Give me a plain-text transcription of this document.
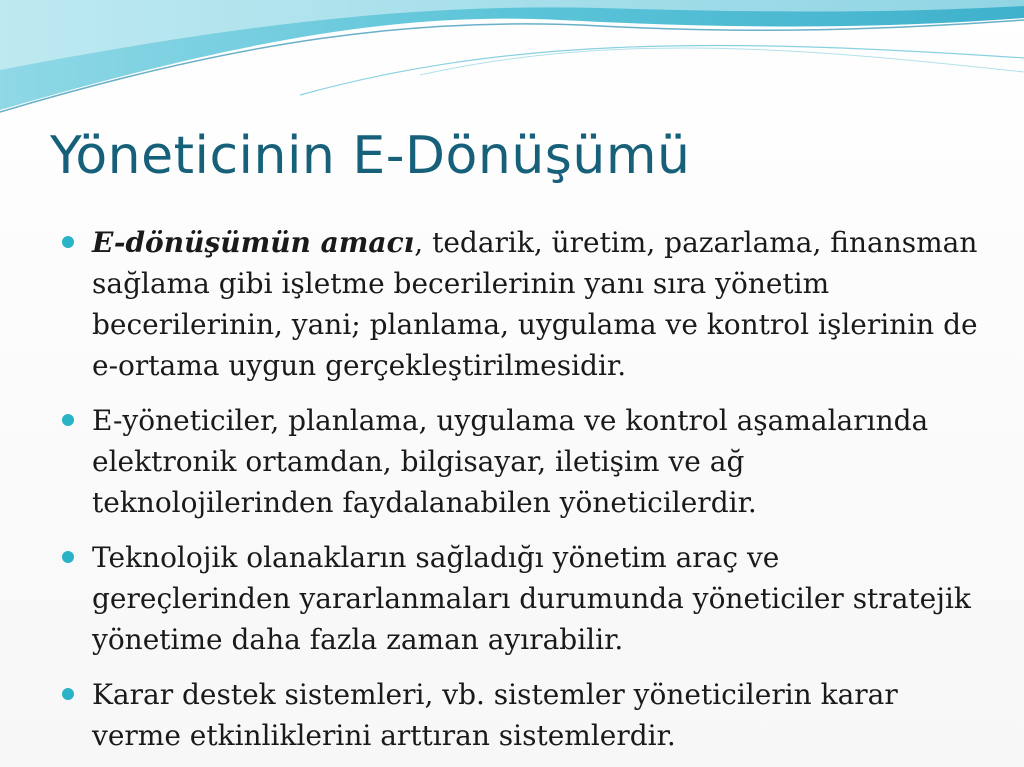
Yöneticinin E-Dönüşümü
E-dönüşümün amacı, tedarik, üretim, pazarlama, finansman sağlama gibi işletme becerilerinin yanı sıra yönetim becerilerinin, yani; planlama, uygulama ve kontrol işlerinin de e-ortama uygun gerçekleştirilmesidir.
E-yöneticiler, planlama, uygulama ve kontrol aşamalarında elektronik ortamdan, bilgisayar, iletişim ve ağ teknolojilerinden faydalanabilen yöneticilerdir.
Teknolojik olanakların sağladığı yönetim araç ve gereçlerinden yararlanmaları durumunda yöneticiler stratejik yönetime daha fazla zaman ayırabilir.
Karar destek sistemleri, vb. sistemler yöneticilerin karar verme etkinliklerini arttıran sistemlerdir.
